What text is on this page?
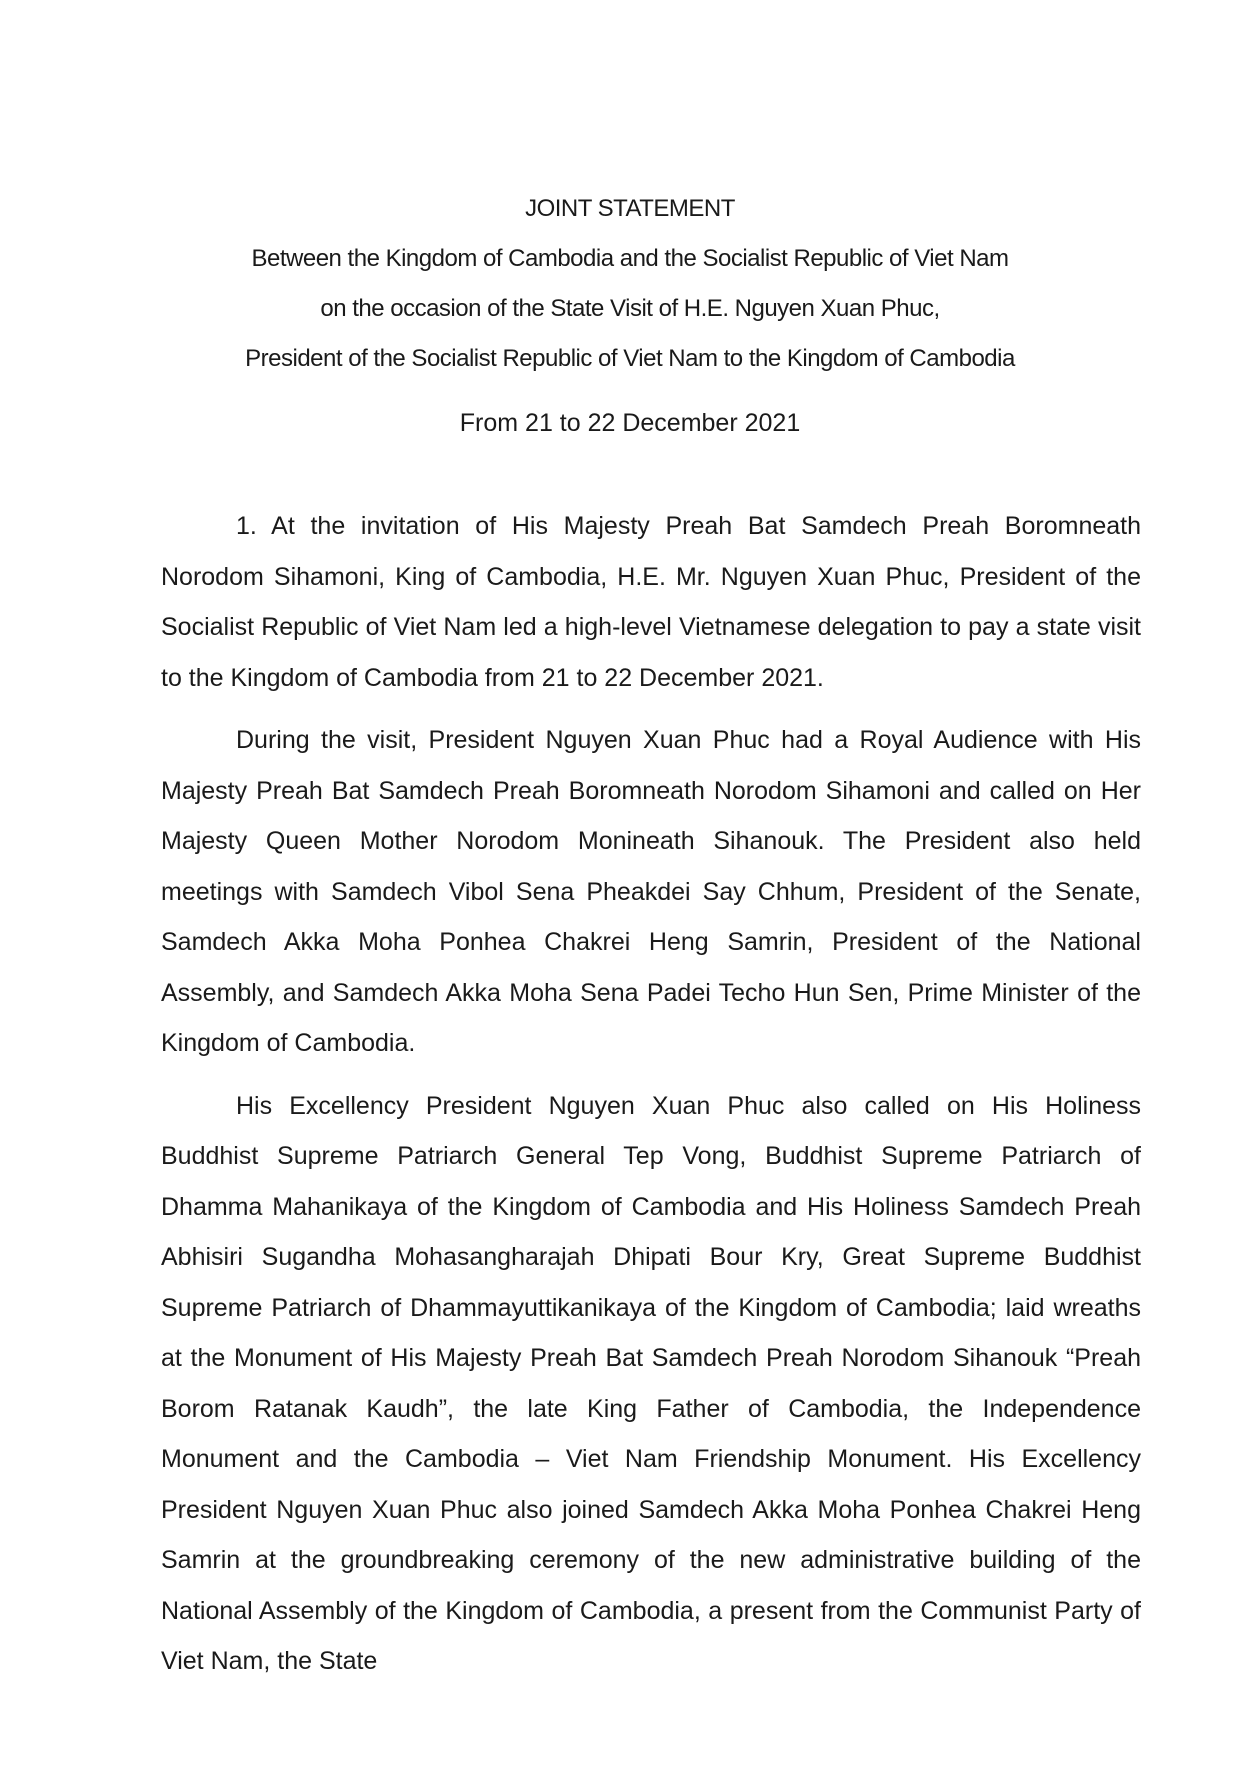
JOINT STATEMENT
Between the Kingdom of Cambodia and the Socialist Republic of Viet Nam
on the occasion of the State Visit of H.E. Nguyen Xuan Phuc,
President of the Socialist Republic of Viet Nam to the Kingdom of Cambodia
From 21 to 22 December 2021

1. At the invitation of His Majesty Preah Bat Samdech Preah Boromneath Norodom Sihamoni, King of Cambodia, H.E. Mr. Nguyen Xuan Phuc, President of the Socialist Republic of Viet Nam led a high-level Vietnamese delegation to pay a state visit to the Kingdom of Cambodia from 21 to 22 December 2021.

During the visit, President Nguyen Xuan Phuc had a Royal Audience with His Majesty Preah Bat Samdech Preah Boromneath Norodom Sihamoni and called on Her Majesty Queen Mother Norodom Monineath Sihanouk. The President also held meetings with Samdech Vibol Sena Pheakdei Say Chhum, President of the Senate, Samdech Akka Moha Ponhea Chakrei Heng Samrin, President of the National Assembly, and Samdech Akka Moha Sena Padei Techo Hun Sen, Prime Minister of the Kingdom of Cambodia.

His Excellency President Nguyen Xuan Phuc also called on His Holiness Buddhist Supreme Patriarch General Tep Vong, Buddhist Supreme Patriarch of Dhamma Mahanikaya of the Kingdom of Cambodia and His Holiness Samdech Preah Abhisiri Sugandha Mohasangharajah Dhipati Bour Kry, Great Supreme Buddhist Supreme Patriarch of Dhammayuttikanikaya of the Kingdom of Cambodia; laid wreaths at the Monument of His Majesty Preah Bat Samdech Preah Norodom Sihanouk “Preah Borom Ratanak Kaudh”, the late King Father of Cambodia, the Independence Monument and the Cambodia – Viet Nam Friendship Monument. His Excellency President Nguyen Xuan Phuc also joined Samdech Akka Moha Ponhea Chakrei Heng Samrin at the groundbreaking ceremony of the new administrative building of the National Assembly of the Kingdom of Cambodia, a present from the Communist Party of Viet Nam, the State
